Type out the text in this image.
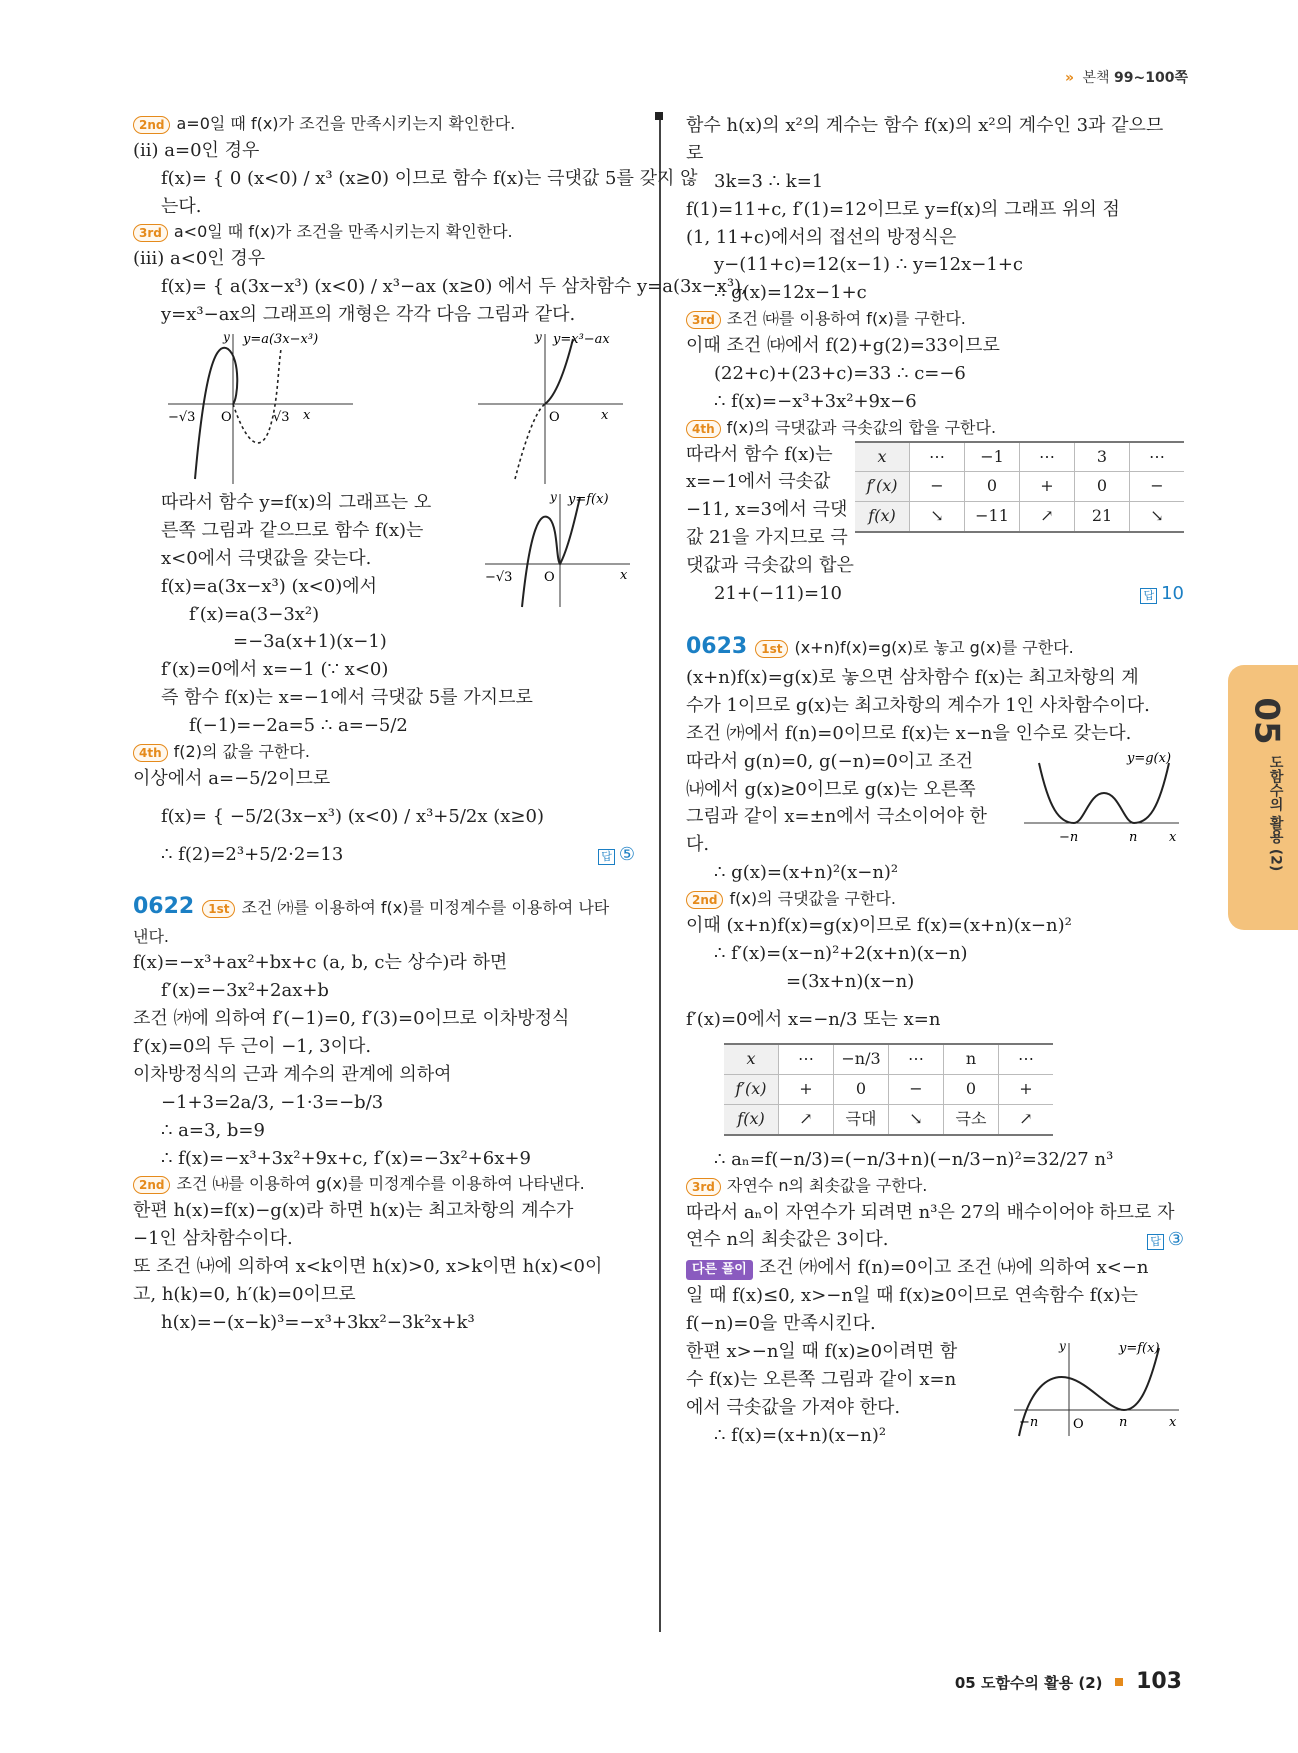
» 본책 99~100쪽
2nd a=0일 때 f(x)가 조건을 만족시키는지 확인한다.
(ii) a=0인 경우
f(x)= { 0 (x<0) / x³ (x≥0) 이므로 함수 f(x)는 극댓값 5를 갖지 않
는다.
3rd a<0일 때 f(x)가 조건을 만족시키는지 확인한다.
(iii) a<0인 경우
f(x)= { a(3x−x³) (x<0) / x³−ax (x≥0) 에서 두 삼차함수 y=a(3x−x³),
y=x³−ax의 그래프의 개형은 각각 다음 그림과 같다.
y=a(3x−x³)
y
−√3 O	√3 x
y=x³−ax
y
O	x
y=f(x)
y
−√3 O	x
따라서 함수 y=f(x)의 그래프는 오
른쪽 그림과 같으므로 함수 f(x)는
x<0에서 극댓값을 갖는다.
f(x)=a(3x−x³) (x<0)에서
f′(x)=a(3−3x²)
=−3a(x+1)(x−1)
f′(x)=0에서 x=−1 (∵ x<0)
즉 함수 f(x)는 x=−1에서 극댓값 5를 가지므로
f(−1)=−2a=5 ∴ a=−5/2
4th f(2)의 값을 구한다.
이상에서 a=−5/2이므로
f(x)= { −5/2(3x−x³) (x<0) / x³+5/2x (x≥0)
∴ f(2)=2³+5/2·2=13	답 ⑤
0622 1st 조건 ㈎를 이용하여 f(x)를 미정계수를 이용하여 나타
낸다.
f(x)=−x³+ax²+bx+c (a, b, c는 상수)라 하면
f′(x)=−3x²+2ax+b
조건 ㈎에 의하여 f′(−1)=0, f′(3)=0이므로 이차방정식
f′(x)=0의 두 근이 −1, 3이다.
이차방정식의 근과 계수의 관계에 의하여
−1+3=2a/3, −1·3=−b/3
∴ a=3, b=9
∴ f(x)=−x³+3x²+9x+c, f′(x)=−3x²+6x+9
2nd 조건 ㈏를 이용하여 g(x)를 미정계수를 이용하여 나타낸다.
한편 h(x)=f(x)−g(x)라 하면 h(x)는 최고차항의 계수가
−1인 삼차함수이다.
또 조건 ㈏에 의하여 x<k이면 h(x)>0, x>k이면 h(x)<0이
고, h(k)=0, h′(k)=0이므로
h(x)=−(x−k)³=−x³+3kx²−3k²x+k³
함수 h(x)의 x²의 계수는 함수 f(x)의 x²의 계수인 3과 같으므
로
3k=3 ∴ k=1
f(1)=11+c, f′(1)=12이므로 y=f(x)의 그래프 위의 점
(1, 11+c)에서의 접선의 방정식은
y−(11+c)=12(x−1) ∴ y=12x−1+c
∴ g(x)=12x−1+c
3rd 조건 ㈐를 이용하여 f(x)를 구한다.
이때 조건 ㈐에서 f(2)+g(2)=33이므로
(22+c)+(23+c)=33 ∴ c=−6
∴ f(x)=−x³+3x²+9x−6
4th f(x)의 극댓값과 극솟값의 합을 구한다.
x	⋯	−1	⋯	3	⋯
f′(x)	−	0	+	0	−
f(x)	↘	−11	↗	21	↘
따라서 함수 f(x)는
x=−1에서 극솟값
−11, x=3에서 극댓
값 21을 가지므로 극
댓값과 극솟값의 합은
21+(−11)=10	답 10
0623 1st (x+n)f(x)=g(x)로 놓고 g(x)를 구한다.
(x+n)f(x)=g(x)로 놓으면 삼차함수 f(x)는 최고차항의 계
수가 1이므로 g(x)는 최고차항의 계수가 1인 사차함수이다.
조건 ㈎에서 f(n)=0이므로 f(x)는 x−n을 인수로 갖는다.
y=g(x)
−n	n x
따라서 g(n)=0, g(−n)=0이고 조건
㈏에서 g(x)≥0이므로 g(x)는 오른쪽
그림과 같이 x=±n에서 극소이어야 한
다.
∴ g(x)=(x+n)²(x−n)²
2nd f(x)의 극댓값을 구한다.
이때 (x+n)f(x)=g(x)이므로 f(x)=(x+n)(x−n)²
∴ f′(x)=(x−n)²+2(x+n)(x−n)
=(3x+n)(x−n)
f′(x)=0에서 x=−n/3 또는 x=n
x	⋯	−n/3	⋯	n	⋯
f′(x)	+	0	−	0	+
f(x)	↗	극대	↘	극소	↗
∴ aₙ=f(−n/3)=(−n/3+n)(−n/3−n)²=32/27 n³
3rd 자연수 n의 최솟값을 구한다.
따라서 aₙ이 자연수가 되려면 n³은 27의 배수이어야 하므로 자
연수 n의 최솟값은 3이다.	답 ③
다른 풀이 조건 ㈎에서 f(n)=0이고 조건 ㈏에 의하여 x<−n
일 때 f(x)≤0, x>−n일 때 f(x)≥0이므로 연속함수 f(x)는
f(−n)=0을 만족시킨다.
y=f(x)
y
−n	O	n	x
한편 x>−n일 때 f(x)≥0이려면 함
수 f(x)는 오른쪽 그림과 같이 x=n
에서 극솟값을 가져야 한다.
∴ f(x)=(x+n)(x−n)²
05
도함수의 활용 (2)
05 도함수의 활용 (2) 103
